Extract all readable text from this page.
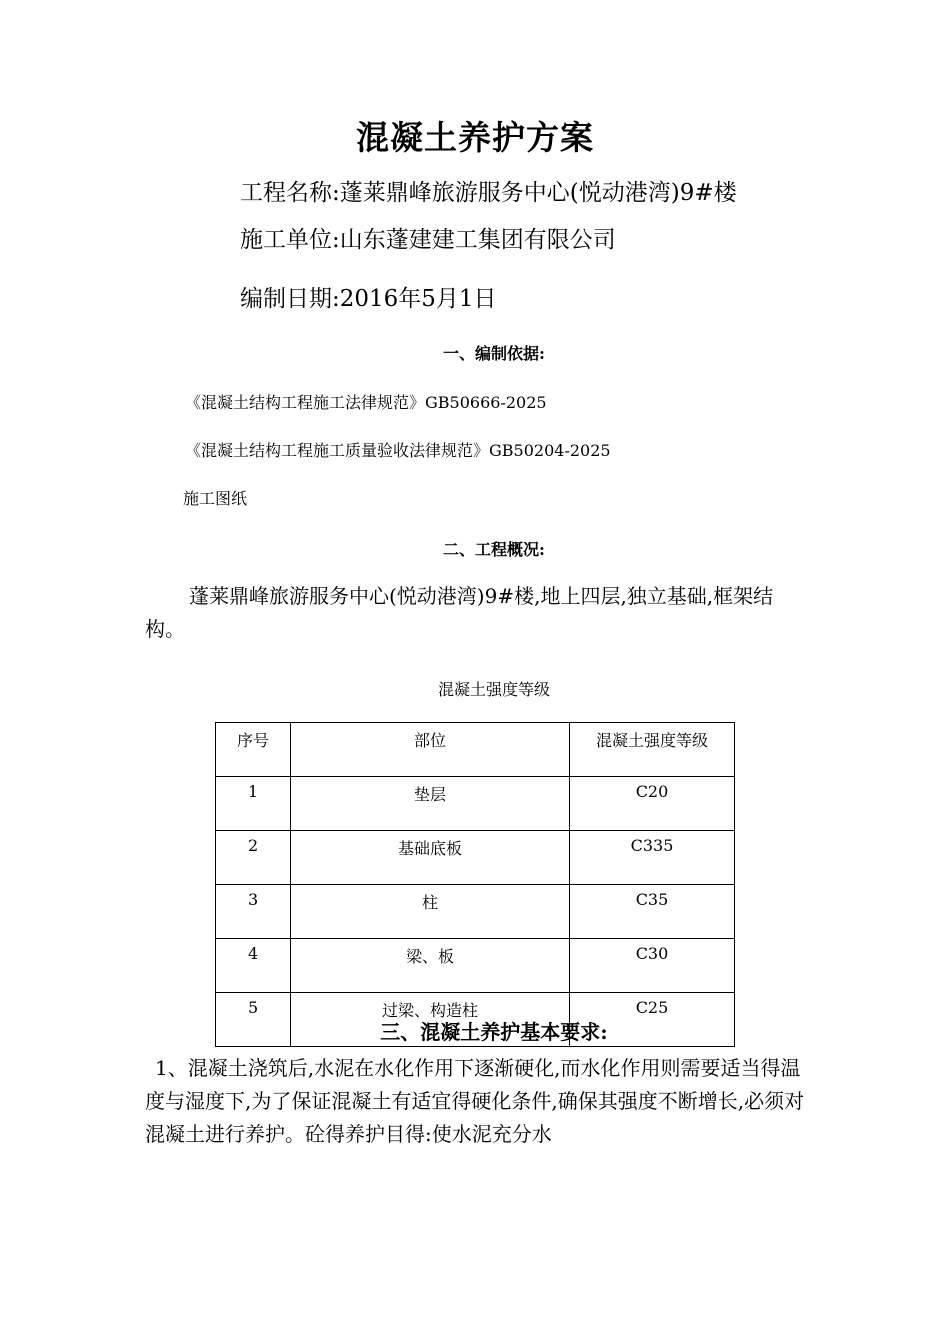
混凝土养护方案
工程名称:蓬莱鼎峰旅游服务中心(悦动港湾)9#楼
施工单位:山东蓬建建工集团有限公司
编制日期:2016年5月1日
一、编制依据:
《混凝土结构工程施工法律规范》GB50666-2025
《混凝土结构工程施工质量验收法律规范》GB50204-2025
施工图纸
二、工程概况:
蓬莱鼎峰旅游服务中心(悦动港湾)9#楼,地上四层,独立基础,框架结构。
混凝土强度等级
序号	部位	混凝土强度等级
1	垫层	C20
2	基础底板	C335
3	柱	C35
4	梁、板	C30
5	过梁、构造柱	C25
三、混凝土养护基本要求:
1、混凝土浇筑后,水泥在水化作用下逐渐硬化,而水化作用则需要适当得温度与湿度下,为了保证混凝土有适宜得硬化条件,确保其强度不断增长,必须对混凝土进行养护。砼得养护目得:使水泥充分水
